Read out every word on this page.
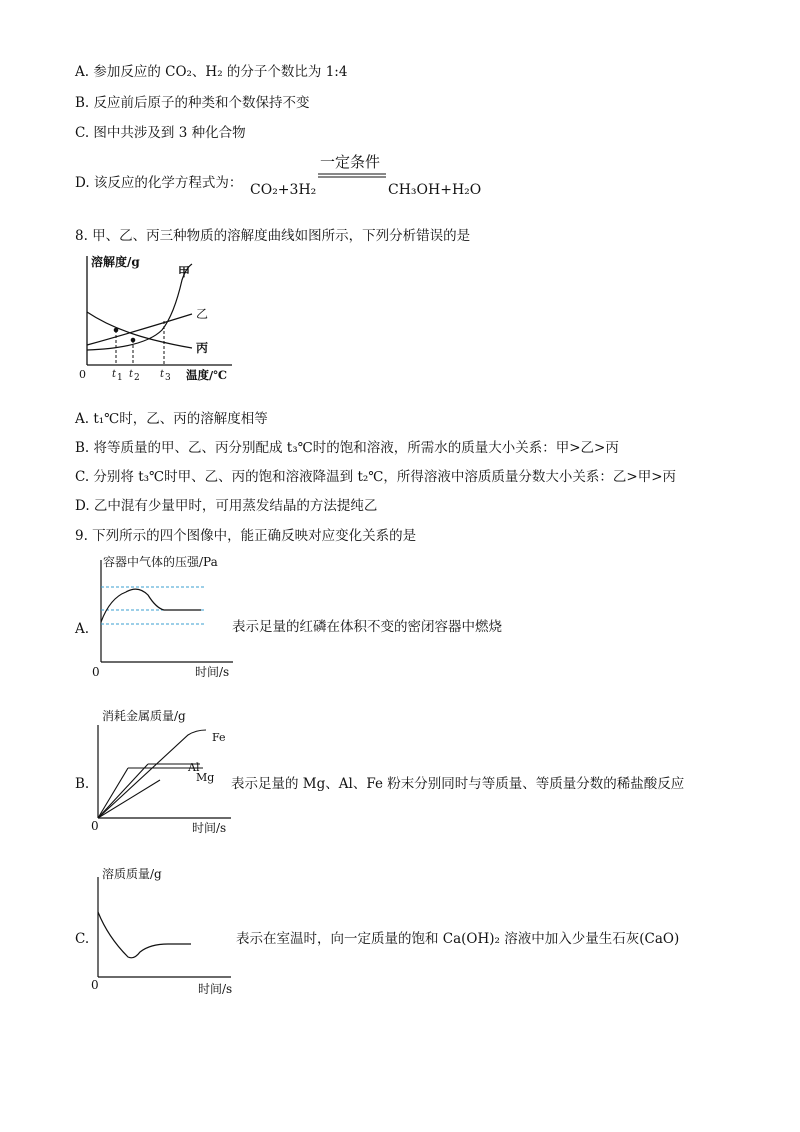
A. 参加反应的 CO₂、H₂ 的分子个数比为 1:4
B. 反应前后原子的种类和个数保持不变
C. 图中共涉及到 3 种化合物
D. 该反应的化学方程式为： CO₂+3H₂
一定条件
CH₃OH+H₂O
8. 甲、乙、丙三种物质的溶解度曲线如图所示，下列分析错误的是
溶解度/g
温度/℃
0	t 1 t 2 t 3
甲
乙
丙
A. t₁℃时，乙、丙的溶解度相等
B. 将等质量的甲、乙、丙分别配成 t₃℃时的饱和溶液，所需水的质量大小关系：甲>乙>丙
C. 分别将 t₃℃时甲、乙、丙的饱和溶液降温到 t₂℃，所得溶液中溶质质量分数大小关系：乙>甲>丙
D. 乙中混有少量甲时，可用蒸发结晶的方法提纯乙
9. 下列所示的四个图像中，能正确反映对应变化关系的是
容器中气体的压强/Pa
时间/s
0
A.	表示足量的红磷在体积不变的密闭容器中燃烧
消耗金属质量/g
时间/s
0
Fe
Al
Mg
B.	表示足量的 Mg、Al、Fe 粉末分别同时与等质量、等质量分数的稀盐酸反应
溶质质量/g
时间/s
0
C.	表示在室温时，向一定质量的饱和 Ca(OH)₂ 溶液中加入少量生石灰(CaO)
